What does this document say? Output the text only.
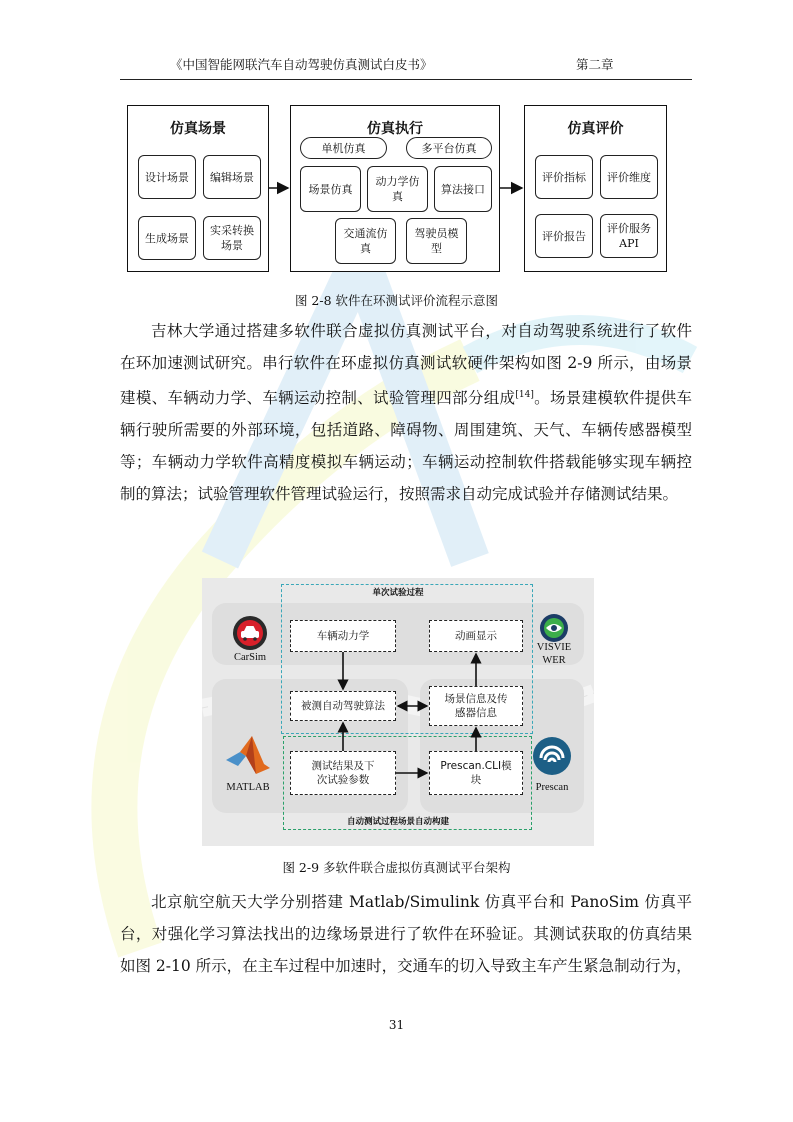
《中国智能网联汽车自动驾驶仿真测试白皮书》	第二章
仿真场景
设计场景	编辑场景
生成场景
实采转换场景
仿真执行
单机仿真	多平台仿真
场景仿真
动力学仿真
算法接口
交通流仿真
驾驶员模型
仿真评价
评价指标	评价维度
评价报告
评价服务API
图 2-8 软件在环测试评价流程示意图

吉林大学通过搭建多软件联合虚拟仿真测试平台，对自动驾驶系统进行了软件在环加速测试研究。串行软件在环虚拟仿真测试软硬件架构如图 2-9 所示，由场景建模、车辆动力学、车辆运动控制、试验管理四部分组成[14]。场景建模软件提供车辆行驶所需要的外部环境，包括道路、障碍物、周围建筑、天气、车辆传感器模型等；车辆动力学软件高精度模拟车辆运动；车辆运动控制软件搭载能够实现车辆控制的算法；试验管理软件管理试验运行，按照需求自动完成试验并存储测试结果。

单次试验过程
自动测试过程场景自动构建
CarSim
VISVIE WER
MATLAB	Prescan
车辆动力学	动画显示
被测自动驾驶算法
场景信息及传感器信息
测试结果及下次试验参数
Prescan.CLI模块
图 2-9 多软件联合虚拟仿真测试平台架构

北京航空航天大学分别搭建 Matlab/Simulink 仿真平台和 PanoSim 仿真平台，对强化学习算法找出的边缘场景进行了软件在环验证。其测试获取的仿真结果如图 2-10 所示，在主车过程中加速时，交通车的切入导致主车产生紧急制动行为，

31
